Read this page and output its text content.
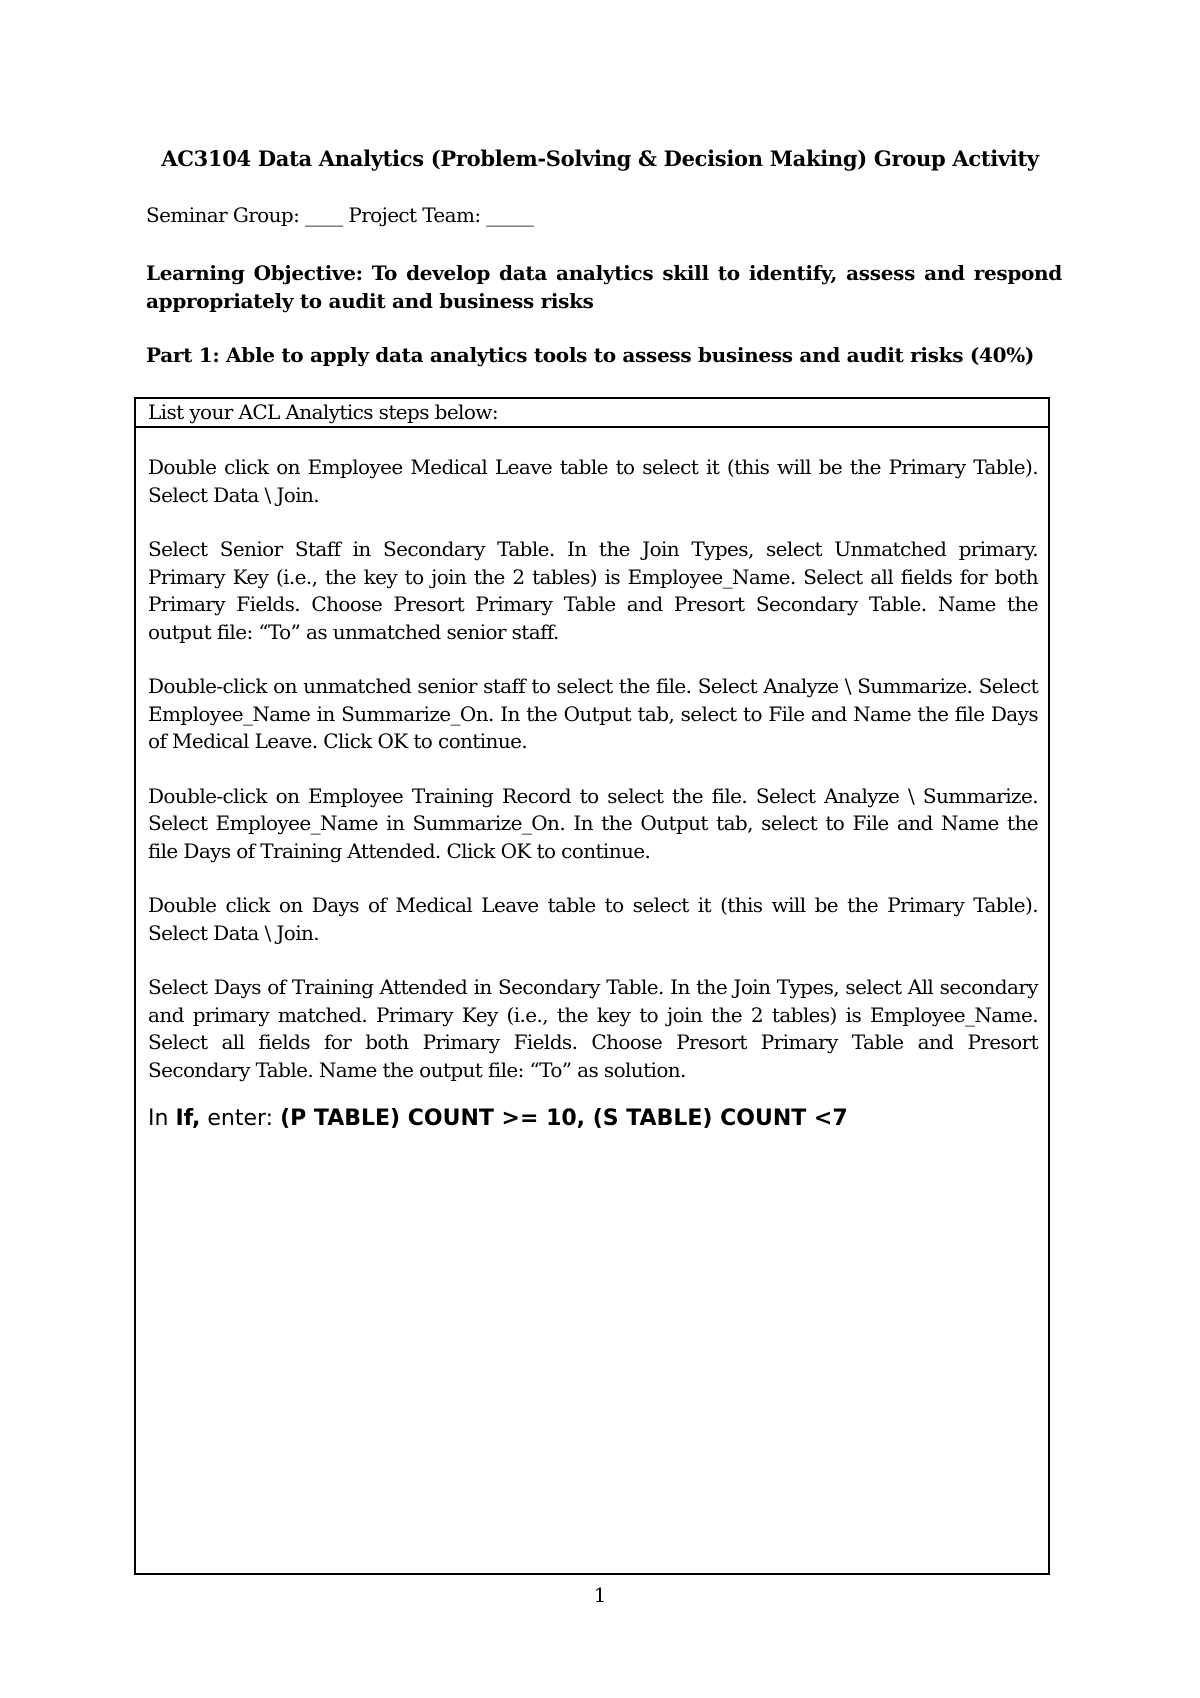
AC3104 Data Analytics (Problem-Solving & Decision Making) Group Activity
Seminar Group: ____ Project Team: _____
Learning Objective: To develop data analytics skill to identify, assess and respond appropriately to audit and business risks
Part 1: Able to apply data analytics tools to assess business and audit risks (40%)
List your ACL Analytics steps below:

Double click on Employee Medical Leave table to select it (this will be the Primary Table). Select Data \ Join.

Select Senior Staff in Secondary Table. In the Join Types, select Unmatched primary. Primary Key (i.e., the key to join the 2 tables) is Employee_Name. Select all fields for both Primary Fields. Choose Presort Primary Table and Presort Secondary Table. Name the output file: “To” as unmatched senior staff.

Double-click on unmatched senior staff to select the file. Select Analyze \ Summarize. Select Employee_Name in Summarize_On. In the Output tab, select to File and Name the file Days of Medical Leave. Click OK to continue.

Double-click on Employee Training Record to select the file. Select Analyze \ Summarize. Select Employee_Name in Summarize_On. In the Output tab, select to File and Name the file Days of Training Attended. Click OK to continue.

Double click on Days of Medical Leave table to select it (this will be the Primary Table). Select Data \ Join.

Select Days of Training Attended in Secondary Table. In the Join Types, select All secondary and primary matched. Primary Key (i.e., the key to join the 2 tables) is Employee_Name. Select all fields for both Primary Fields. Choose Presort Primary Table and Presort Secondary Table. Name the output file: “To” as solution.

In If, enter: (P TABLE) COUNT >= 10, (S TABLE) COUNT <7

1
